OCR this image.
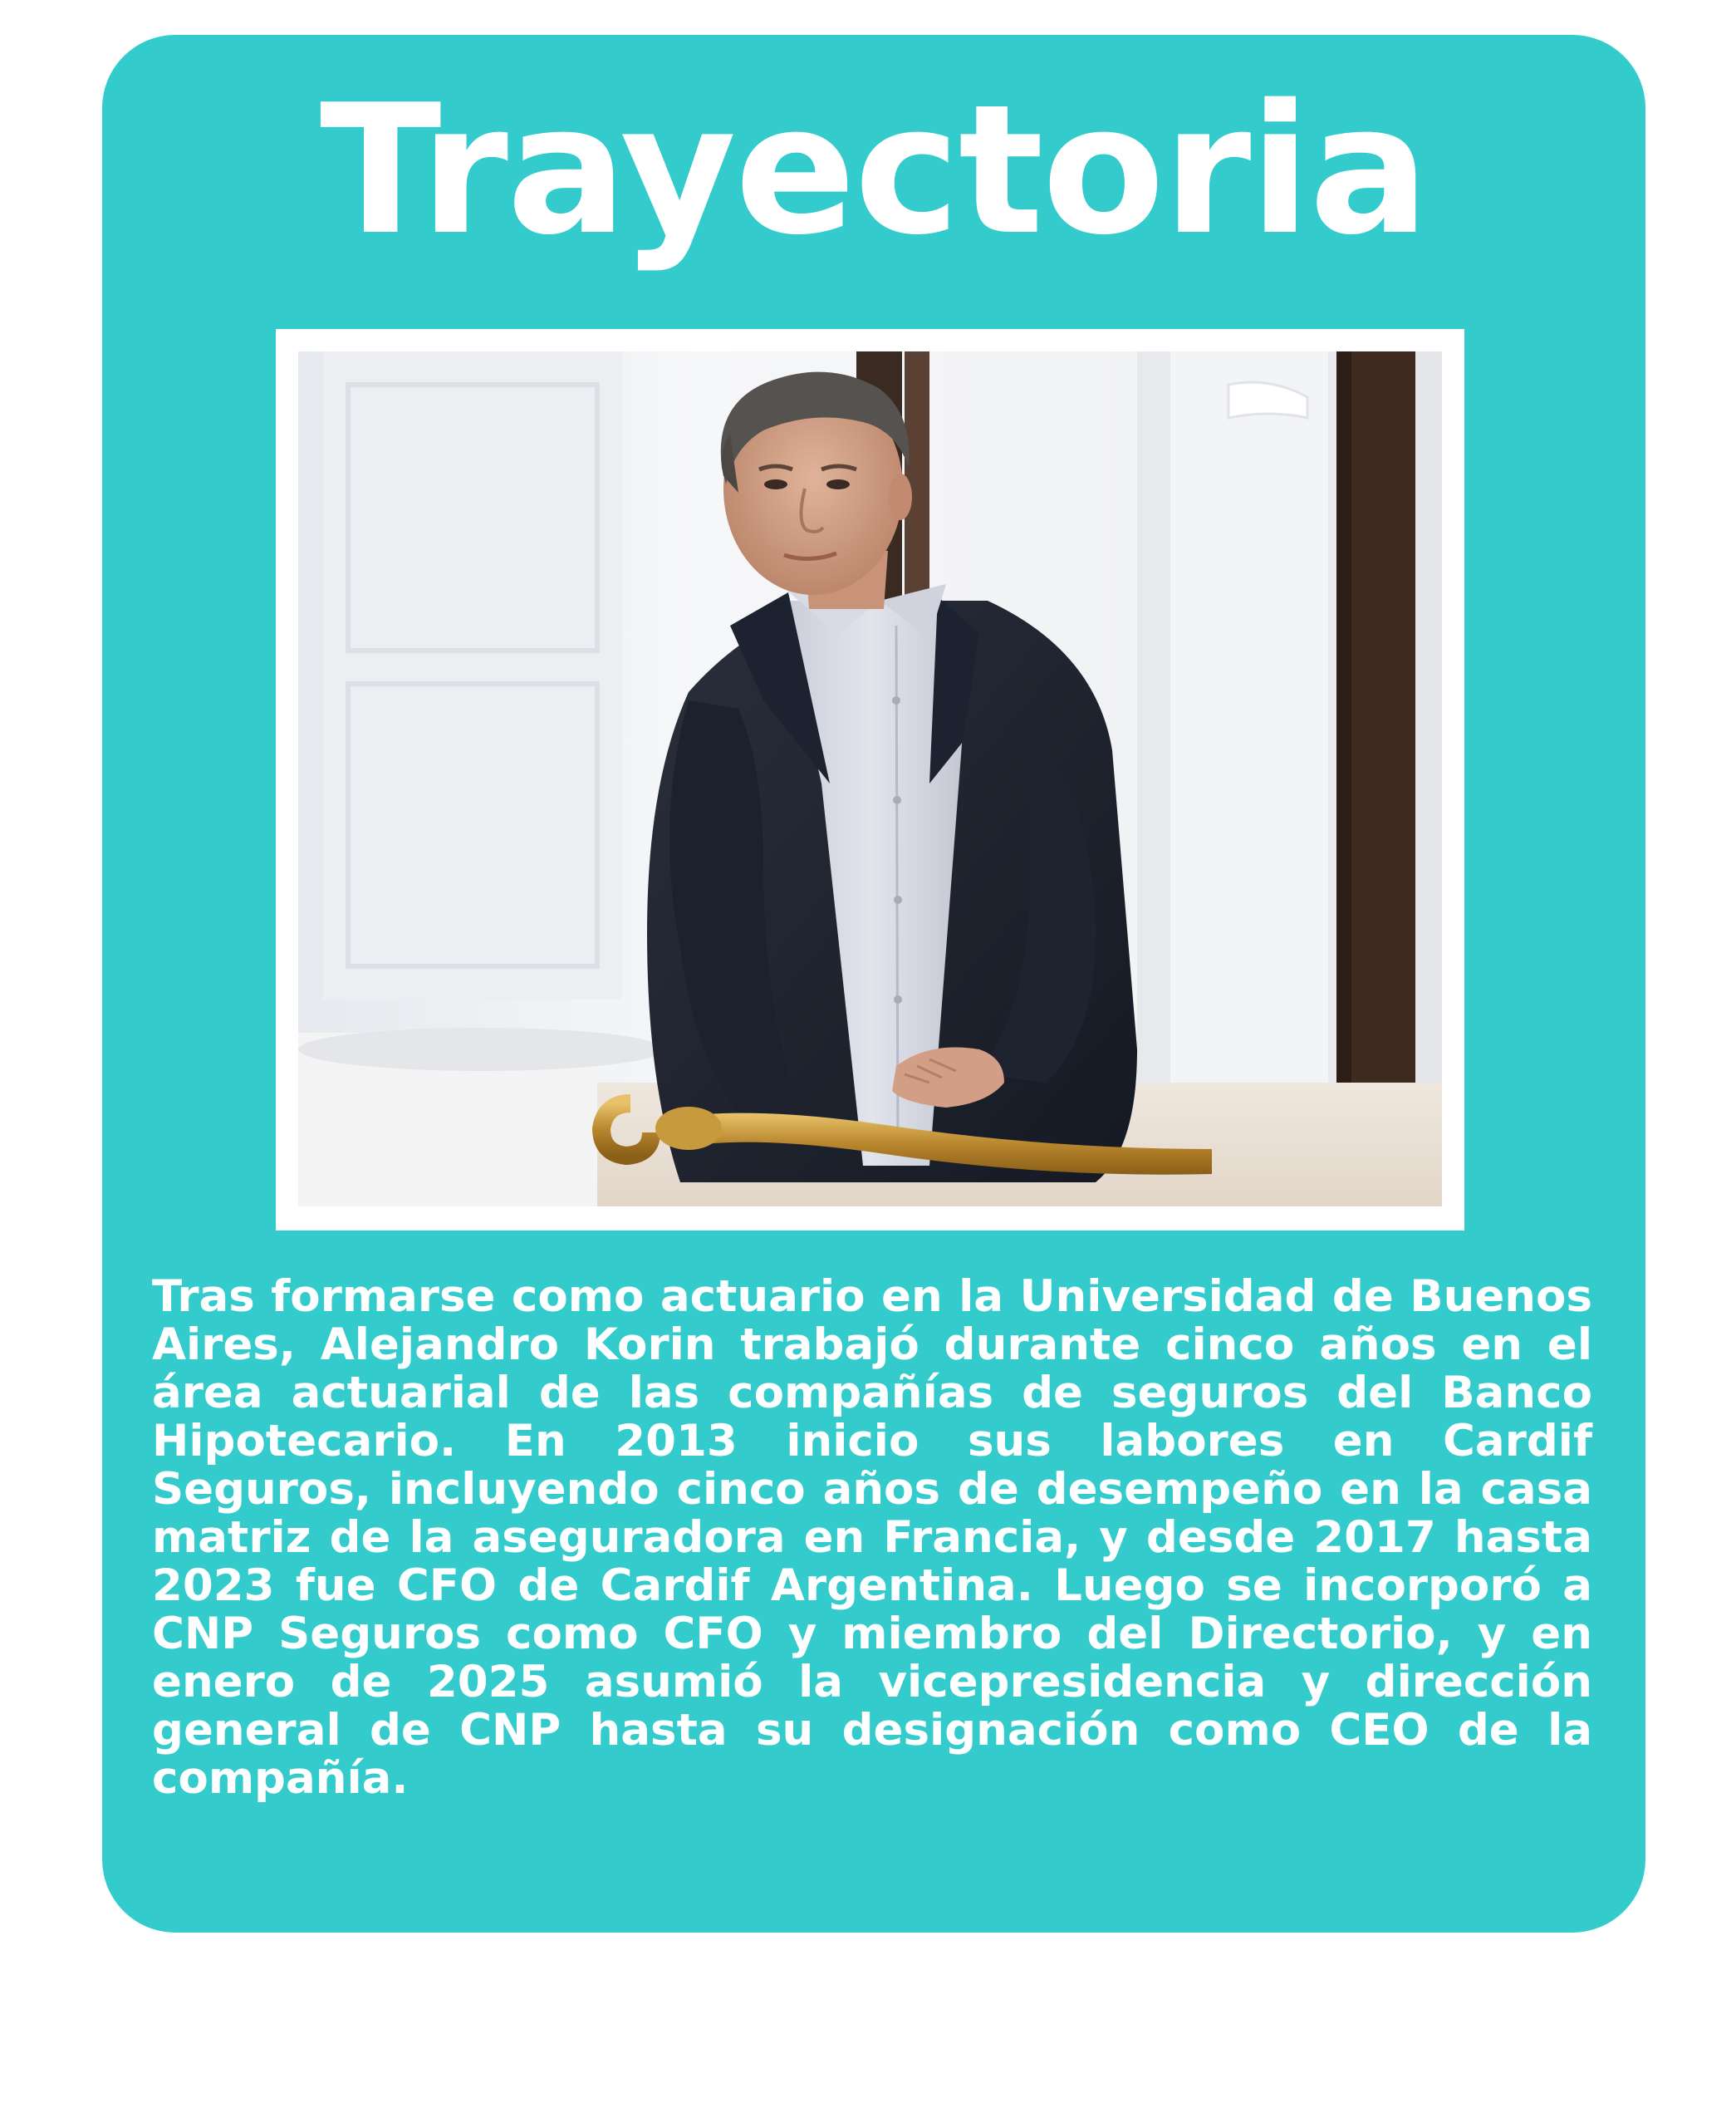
Trayectoria

Tras formarse como actuario en la Universidad de Buenos Aires, Alejandro Korin trabajó durante cinco años en el área actuarial de las compañías de seguros del Banco Hipotecario. En 2013 inicio sus labores en Cardif Seguros, incluyendo cinco años de desempeño en la casa matriz de la aseguradora en Francia, y desde 2017 hasta 2023 fue CFO de Cardif Argentina. Luego se incorporó a CNP Seguros como CFO y miembro del Directorio, y en enero de 2025 asumió la vicepresidencia y dirección general de CNP hasta su designación como CEO de la compañía.
